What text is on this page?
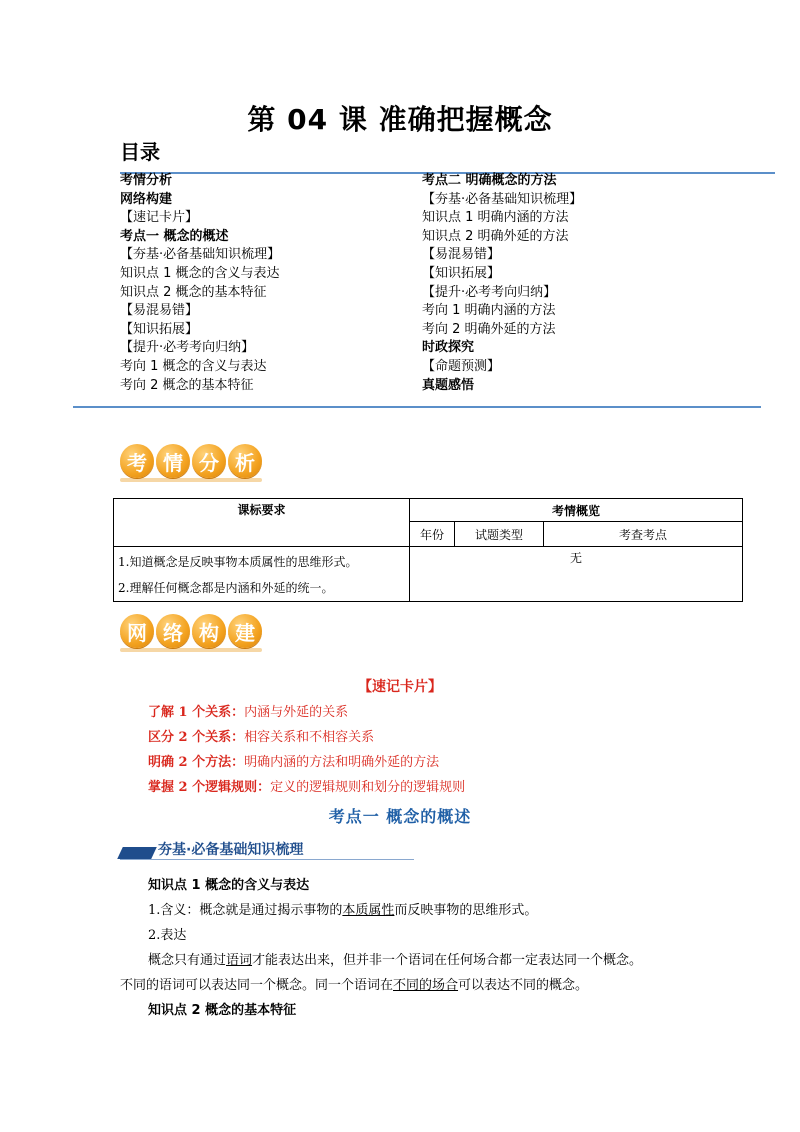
第 04 课 准确把握概念
目录
考情分析
网络构建
【速记卡片】
考点一 概念的概述
【夯基·必备基础知识梳理】
知识点 1 概念的含义与表达
知识点 2 概念的基本特征
【易混易错】
【知识拓展】
【提升·必考考向归纳】
考向 1 概念的含义与表达
考向 2 概念的基本特征
考点二 明确概念的方法
【夯基·必备基础知识梳理】
知识点 1 明确内涵的方法
知识点 2 明确外延的方法
【易混易错】
【知识拓展】
【提升·必考考向归纳】
考向 1 明确内涵的方法
考向 2 明确外延的方法
时政探究
【命题预测】
真题感悟
考 情 分 析
课标要求	考情概览		
	年份	试题类型	考查考点

1.知道概念是反映事物本质属性的思维形式。
2.理解任何概念都是内涵和外延的统一。	无		
网 络 构 建
【速记卡片】
了解 1 个关系：内涵与外延的关系
区分 2 个关系：相容关系和不相容关系
明确 2 个方法：明确内涵的方法和明确外延的方法
掌握 2 个逻辑规则：定义的逻辑规则和划分的逻辑规则
考点一 概念的概述
夯基·必备基础知识梳理
知识点 1 概念的含义与表达
1.含义：概念就是通过揭示事物的本质属性而反映事物的思维形式。
2.表达
概念只有通过语词才能表达出来，但并非一个语词在任何场合都一定表达同一个概念。
不同的语词可以表达同一个概念。同一个语词在不同的场合可以表达不同的概念。
知识点 2 概念的基本特征
